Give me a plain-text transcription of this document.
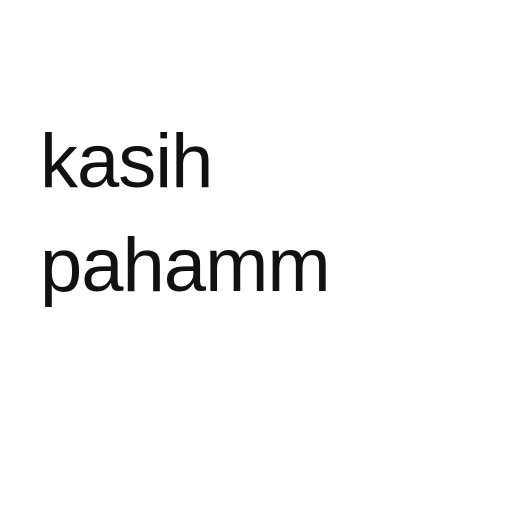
kasih
pahamm
